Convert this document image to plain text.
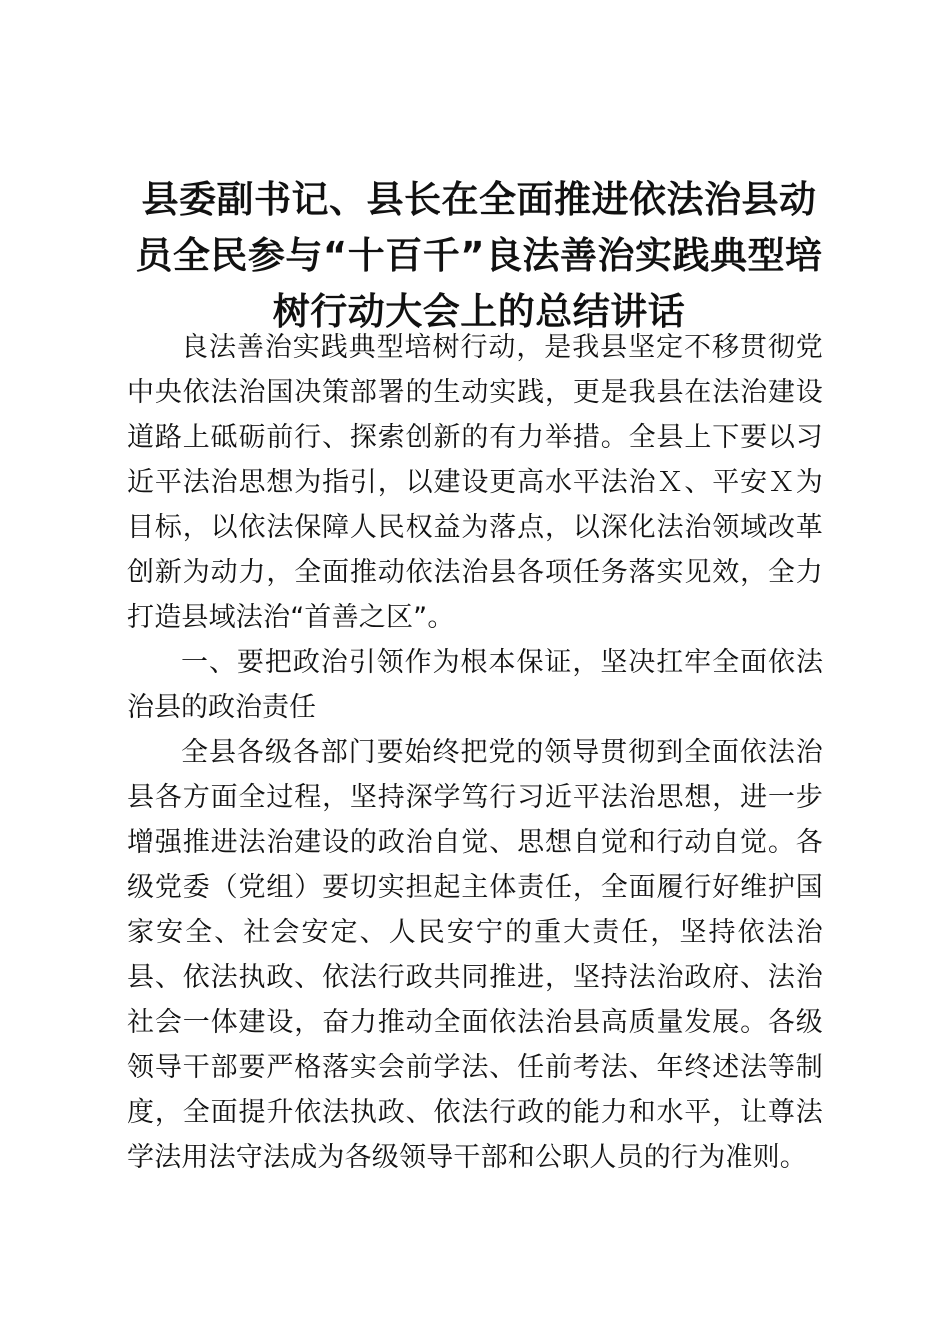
县委副书记、县长在全面推进依法治县动员全民参与“十百千”良法善治实践典型培树行动大会上的总结讲话

良法善治实践典型培树行动，是我县坚定不移贯彻党中央依法治国决策部署的生动实践，更是我县在法治建设道路上砥砺前行、探索创新的有力举措。全县上下要以习近平法治思想为指引，以建设更高水平法治Ｘ、平安Ｘ为目标，以依法保障人民权益为落点，以深化法治领域改革创新为动力，全面推动依法治县各项任务落实见效，全力打造县域法治“首善之区”。

一、要把政治引领作为根本保证，坚决扛牢全面依法治县的政治责任

全县各级各部门要始终把党的领导贯彻到全面依法治县各方面全过程，坚持深学笃行习近平法治思想，进一步增强推进法治建设的政治自觉、思想自觉和行动自觉。各级党委（党组）要切实担起主体责任，全面履行好维护国家安全、社会安定、人民安宁的重大责任，坚持依法治县、依法执政、依法行政共同推进，坚持法治政府、法治社会一体建设，奋力推动全面依法治县高质量发展。各级领导干部要严格落实会前学法、任前考法、年终述法等制度，全面提升依法执政、依法行政的能力和水平，让尊法学法用法守法成为各级领导干部和公职人员的行为准则。
